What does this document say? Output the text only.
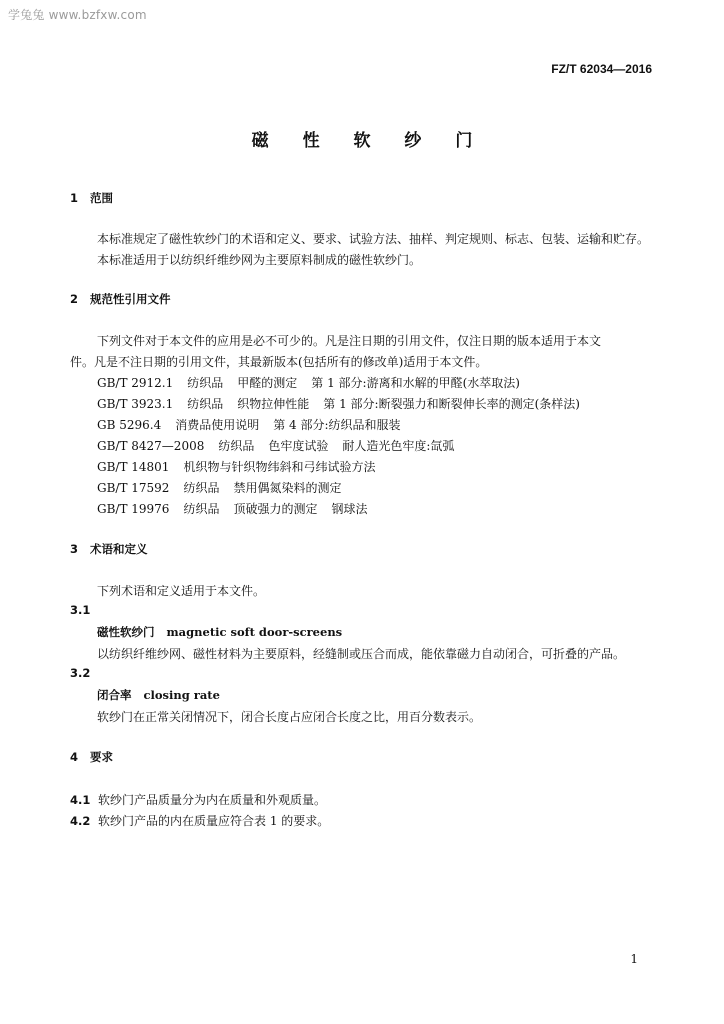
学兔兔 www.bzfxw.com
FZ/T 62034—2016
磁 性 软 纱 门
1 范围
本标准规定了磁性软纱门的术语和定义、要求、试验方法、抽样、判定规则、标志、包装、运输和贮存。
本标准适用于以纺织纤维纱网为主要原料制成的磁性软纱门。
2 规范性引用文件
下列文件对于本文件的应用是必不可少的。凡是注日期的引用文件，仅注日期的版本适用于本文
件。凡是不注日期的引用文件，其最新版本(包括所有的修改单)适用于本文件。
GB/T 2912.1 纺织品 甲醛的测定 第 1 部分:游离和水解的甲醛(水萃取法)
GB/T 3923.1 纺织品 织物拉伸性能 第 1 部分:断裂强力和断裂伸长率的测定(条样法)
GB 5296.4 消费品使用说明 第 4 部分:纺织品和服装
GB/T 8427—2008 纺织品 色牢度试验 耐人造光色牢度:氙弧
GB/T 14801 机织物与针织物纬斜和弓纬试验方法
GB/T 17592 纺织品 禁用偶氮染料的测定
GB/T 19976 纺织品 顶破强力的测定 钢球法
3 术语和定义
下列术语和定义适用于本文件。
3.1
磁性软纱门 magnetic soft door-screens
以纺织纤维纱网、磁性材料为主要原料，经缝制或压合而成，能依靠磁力自动闭合，可折叠的产品。
3.2
闭合率 closing rate
软纱门在正常关闭情况下，闭合长度占应闭合长度之比，用百分数表示。
4 要求
4.1 软纱门产品质量分为内在质量和外观质量。
4.2 软纱门产品的内在质量应符合表 1 的要求。
1
